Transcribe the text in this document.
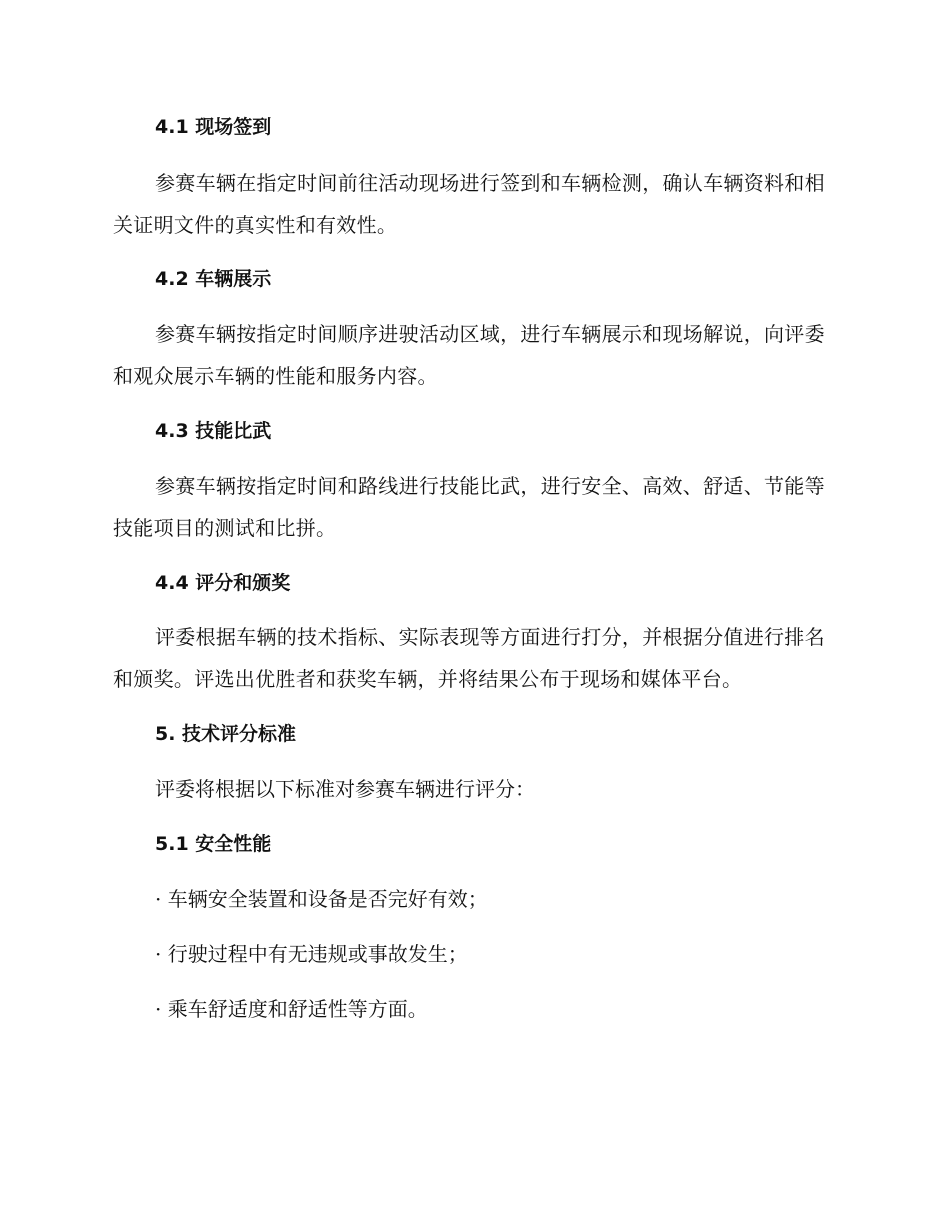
4.1 现场签到
参赛车辆在指定时间前往活动现场进行签到和车辆检测，确认车辆资料和相关证明文件的真实性和有效性。
4.2 车辆展示
参赛车辆按指定时间顺序进驶活动区域，进行车辆展示和现场解说，向评委和观众展示车辆的性能和服务内容。
4.3 技能比武
参赛车辆按指定时间和路线进行技能比武，进行安全、高效、舒适、节能等技能项目的测试和比拼。
4.4 评分和颁奖
评委根据车辆的技术指标、实际表现等方面进行打分，并根据分值进行排名和颁奖。评选出优胜者和获奖车辆，并将结果公布于现场和媒体平台。
5. 技术评分标准
评委将根据以下标准对参赛车辆进行评分：
5.1 安全性能
· 车辆安全装置和设备是否完好有效；
· 行驶过程中有无违规或事故发生；
· 乘车舒适度和舒适性等方面。
